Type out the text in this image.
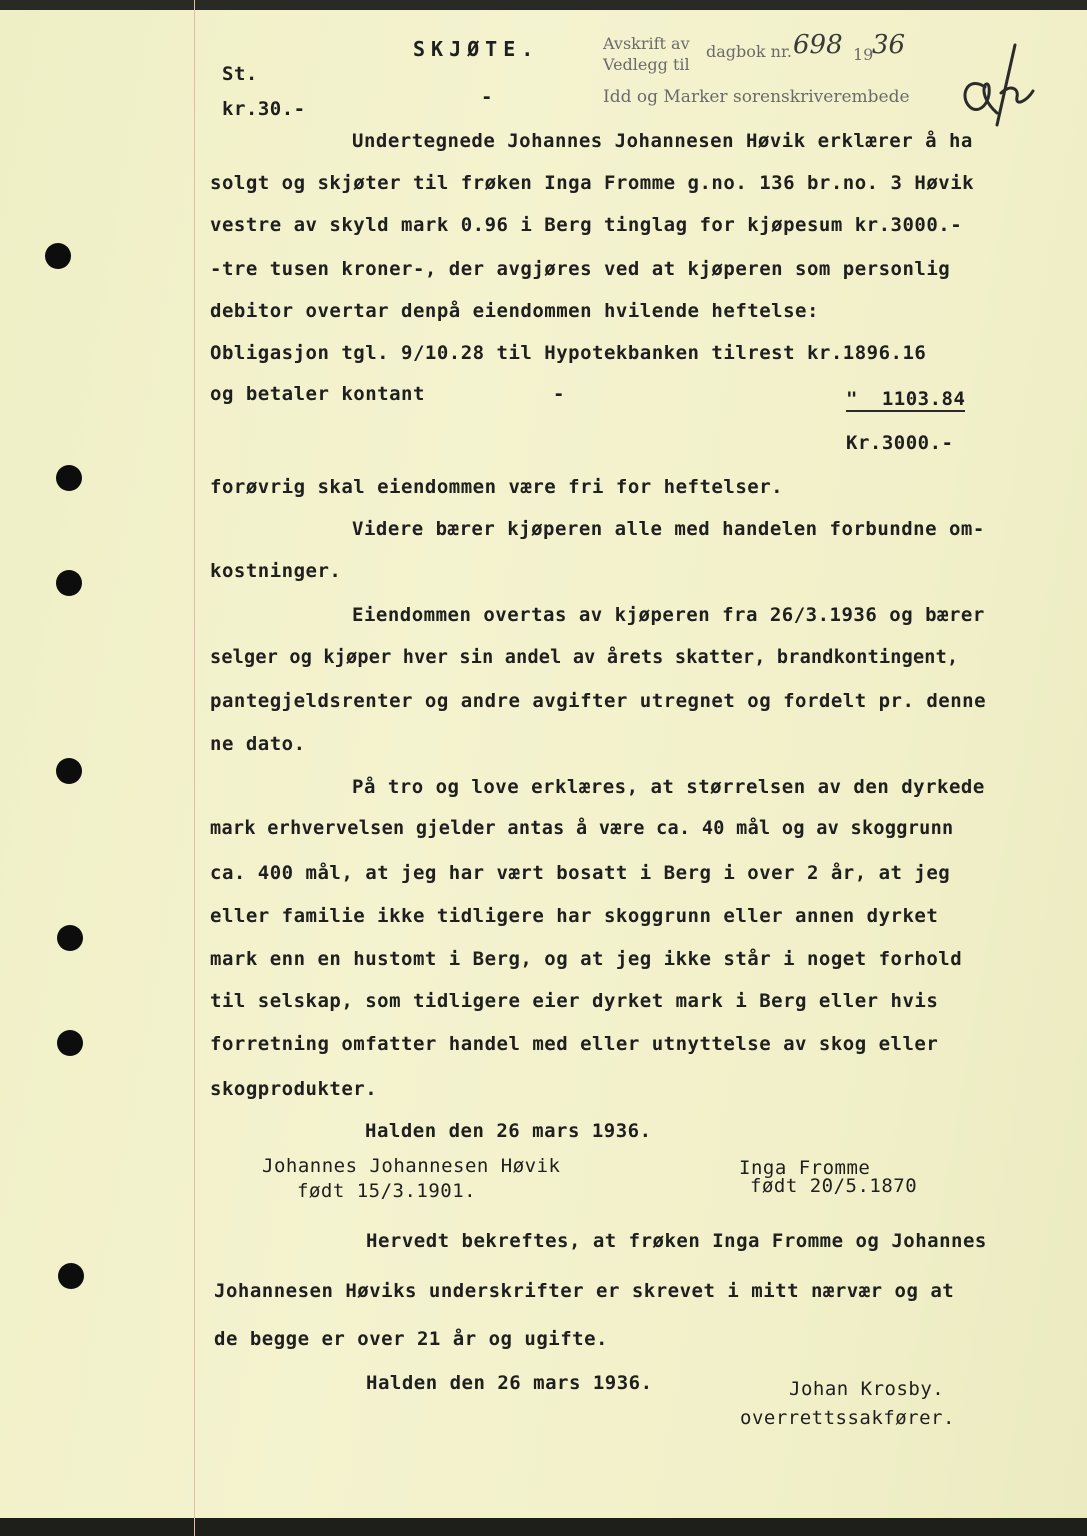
SKJØTE.	Avskrift av
Vedlegg til
dagbok nr. 698 19
36
Idd og Marker sorenskriverembede
St.
kr.30.-
-
Undertegnede Johannes Johannesen Høvik erklærer å ha
solgt og skjøter til frøken Inga Fromme g.no. 136 br.no. 3 Høvik
vestre av skyld mark 0.96 i Berg tinglag for kjøpesum kr.3000.-
-tre tusen kroner-, der avgjøres ved at kjøperen som personlig
debitor overtar denpå eiendommen hvilende heftelse:
Obligasjon tgl. 9/10.28 til Hypotekbanken tilrest kr.1896.16
og betaler kontant	-	"  1103.84
Kr.3000.-
forøvrig skal eiendommen være fri for heftelser.
Videre bærer kjøperen alle med handelen forbundne om-
kostninger.
Eiendommen overtas av kjøperen fra 26/3.1936 og bærer
selger og kjøper hver sin andel av årets skatter, brandkontingent,
pantegjeldsrenter og andre avgifter utregnet og fordelt pr. denne
ne dato.
På tro og love erklæres, at størrelsen av den dyrkede
mark erhvervelsen gjelder antas å være ca. 40 mål og av skoggrunn
ca. 400 mål, at jeg har vært bosatt i Berg i over 2 år, at jeg
eller familie ikke tidligere har skoggrunn eller annen dyrket
mark enn en hustomt i Berg, og at jeg ikke står i noget forhold
til selskap, som tidligere eier dyrket mark i Berg eller hvis
forretning omfatter handel med eller utnyttelse av skog eller
skogprodukter.
Halden den 26 mars 1936.
Johannes Johannesen Høvik
født 15/3.1901.
Inga Fromme
født 20/5.1870
Hervedt bekreftes, at frøken Inga Fromme og Johannes
Johannesen Høviks underskrifter er skrevet i mitt nærvær og at
de begge er over 21 år og ugifte.
Halden den 26 mars 1936.	Johan Krosby.
overrettssakfører.
